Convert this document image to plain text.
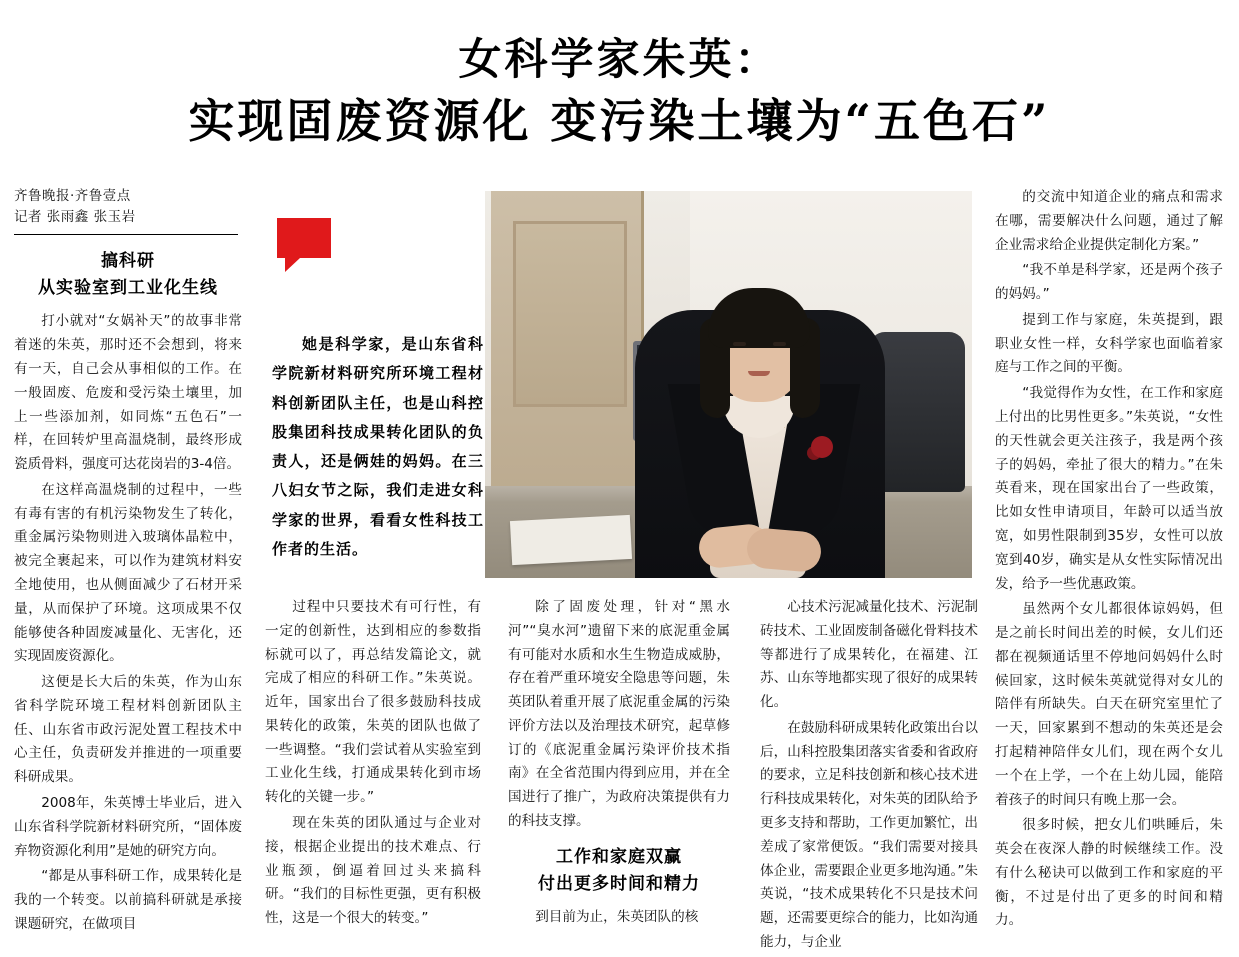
女科学家朱英：
实现固废资源化 变污染土壤为“五色石”
齐鲁晚报·齐鲁壹点
记者 张雨鑫 张玉岩
搞科研
从实验室到工业化生线

打小就对“女娲补天”的故事非常着迷的朱英，那时还不会想到，将来有一天，自己会从事相似的工作。在一般固废、危废和受污染土壤里，加上一些添加剂，如同炼“五色石”一样，在回转炉里高温烧制，最终形成瓷质骨料，强度可达花岗岩的3-4倍。

在这样高温烧制的过程中，一些有毒有害的有机污染物发生了转化，重金属污染物则进入玻璃体晶粒中，被完全裹起来，可以作为建筑材料安全地使用，也从侧面减少了石材开采量，从而保护了环境。这项成果不仅能够使各种固废减量化、无害化，还实现固废资源化。

这便是长大后的朱英，作为山东省科学院环境工程材料创新团队主任、山东省市政污泥处置工程技术中心主任，负责研发并推进的一项重要科研成果。

2008年，朱英博士毕业后，进入山东省科学院新材料研究所，“固体废弃物资源化利用”是她的研究方向。

“都是从事科研工作，成果转化是我的一个转变。以前搞科研就是承接课题研究，在做项目

她是科学家，是山东省科学院新材料研究所环境工程材料创新团队主任，也是山科控股集团科技成果转化团队的负责人，还是俩娃的妈妈。在三八妇女节之际，我们走进女科学家的世界，看看女性科技工作者的生活。

过程中只要技术有可行性，有一定的创新性，达到相应的参数指标就可以了，再总结发篇论文，就完成了相应的科研工作。”朱英说。近年，国家出台了很多鼓励科技成果转化的政策，朱英的团队也做了一些调整。“我们尝试着从实验室到工业化生线，打通成果转化到市场转化的关键一步。”

现在朱英的团队通过与企业对接，根据企业提出的技术难点、行业瓶颈，倒逼着回过头来搞科研。“我们的目标性更强，更有积极性，这是一个很大的转变。”

除了固废处理，针对“黑水河”“臭水河”遗留下来的底泥重金属有可能对水质和水生生物造成威胁，存在着严重环境安全隐患等问题，朱英团队着重开展了底泥重金属的污染评价方法以及治理技术研究，起草修订的《底泥重金属污染评价技术指南》在全省范围内得到应用，并在全国进行了推广，为政府决策提供有力的科技支撑。

工作和家庭双赢
付出更多时间和精力

到目前为止，朱英团队的核

心技术污泥减量化技术、污泥制砖技术、工业固废制备磁化骨料技术等都进行了成果转化，在福建、江苏、山东等地都实现了很好的成果转化。

在鼓励科研成果转化政策出台以后，山科控股集团落实省委和省政府的要求，立足科技创新和核心技术进行科技成果转化，对朱英的团队给予更多支持和帮助，工作更加繁忙，出差成了家常便饭。“我们需要对接具体企业，需要跟企业更多地沟通。”朱英说，“技术成果转化不只是技术问题，还需要更综合的能力，比如沟通能力，与企业

的交流中知道企业的痛点和需求在哪，需要解决什么问题，通过了解企业需求给企业提供定制化方案。”

“我不单是科学家，还是两个孩子的妈妈。”

提到工作与家庭，朱英提到，跟职业女性一样，女科学家也面临着家庭与工作之间的平衡。

“我觉得作为女性，在工作和家庭上付出的比男性更多。”朱英说，“女性的天性就会更关注孩子，我是两个孩子的妈妈，牵扯了很大的精力。”在朱英看来，现在国家出台了一些政策，比如女性申请项目，年龄可以适当放宽，如男性限制到35岁，女性可以放宽到40岁，确实是从女性实际情况出发，给予一些优惠政策。

虽然两个女儿都很体谅妈妈，但是之前长时间出差的时候，女儿们还都在视频通话里不停地问妈妈什么时候回家，这时候朱英就觉得对女儿的陪伴有所缺失。白天在研究室里忙了一天，回家累到不想动的朱英还是会打起精神陪伴女儿们，现在两个女儿一个在上学，一个在上幼儿园，能陪着孩子的时间只有晚上那一会。

很多时候，把女儿们哄睡后，朱英会在夜深人静的时候继续工作。没有什么秘诀可以做到工作和家庭的平衡，不过是付出了更多的时间和精力。
